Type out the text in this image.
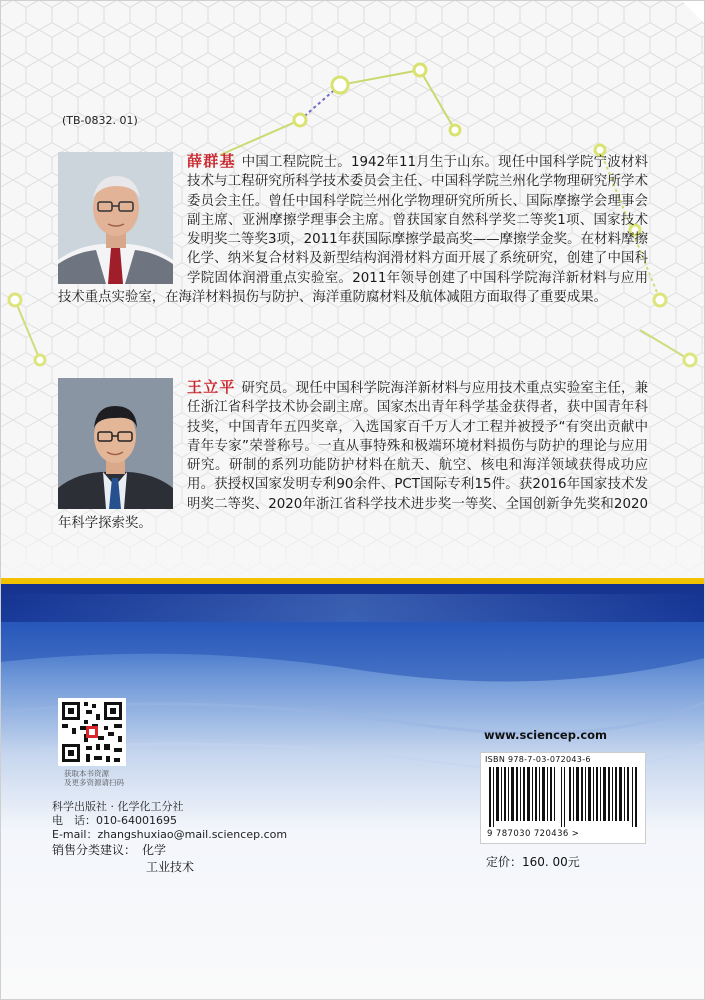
(TB-0832. 01)
薛群基 中国工程院院士。1942年11月生于山东。现任中国科学院宁波材料技术与工程研究所科学技术委员会主任、中国科学院兰州化学物理研究所学术委员会主任。曾任中国科学院兰州化学物理研究所所长、国际摩擦学会理事会副主席、亚洲摩擦学理事会主席。曾获国家自然科学奖二等奖1项、国家技术发明奖二等奖3项，2011年获国际摩擦学最高奖——摩擦学金奖。在材料摩擦化学、纳米复合材料及新型结构润滑材料方面开展了系统研究，创建了中国科学院固体润滑重点实验室。2011年领导创建了中国科学院海洋新材料与应用技术重点实验室，在海洋材料损伤与防护、海洋重防腐材料及航体减阻方面取得了重要成果。
王立平 研究员。现任中国科学院海洋新材料与应用技术重点实验室主任，兼任浙江省科学技术协会副主席。国家杰出青年科学基金获得者，获中国青年科技奖，中国青年五四奖章，入选国家百千万人才工程并被授予“有突出贡献中青年专家”荣誉称号。一直从事特殊和极端环境材料损伤与防护的理论与应用研究。研制的系列功能防护材料在航天、航空、核电和海洋领域获得成功应用。获授权国家发明专利90余件、PCT国际专利15件。获2016年国家技术发明奖二等奖、2020年浙江省科学技术进步奖一等奖、全国创新争先奖和2020年科学探索奖。
获取本书资源
及更多资源请扫码
科学出版社 · 化学化工分社
电　话：010-64001695
E-mail：zhangshuxiao@mail.sciencep.com
销售分类建议： 化学
工业技术
www.sciencep.com
ISBN 978-7-03-072043-6
9 787030 720436 >
定价：160. 00元
